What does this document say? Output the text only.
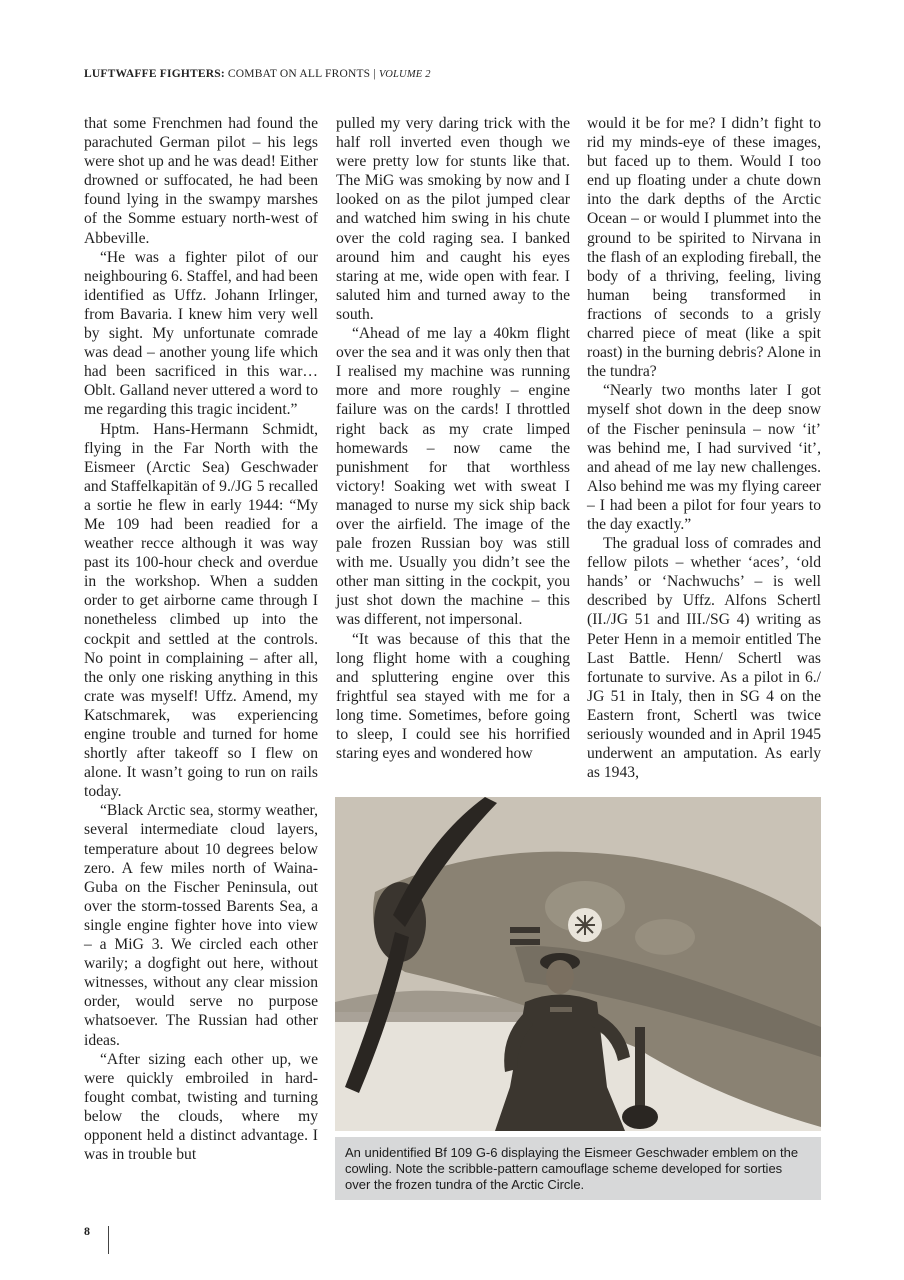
LUFTWAFFE FIGHTERS: COMBAT ON ALL FRONTS | VOLUME 2

that some Frenchmen had found the parachuted German pilot – his legs were shot up and he was dead! Either drowned or suffocated, he had been found lying in the swampy marshes of the Somme estuary north-west of Abbeville.

“He was a fighter pilot of our neighbouring 6. Staffel, and had been identified as Uffz. Johann Irlinger, from Bavaria. I knew him very well by sight. My unfortunate comrade was dead – another young life which had been sacrificed in this war… Oblt. Galland never uttered a word to me regarding this tragic incident.”

Hptm. Hans-Hermann Schmidt, flying in the Far North with the Eismeer (Arctic Sea) Geschwader and Staffelkapitän of 9./JG 5 recalled a sortie he flew in early 1944: “My Me 109 had been readied for a weather recce although it was way past its 100-hour check and overdue in the workshop. When a sudden order to get airborne came through I nonetheless climbed up into the cockpit and settled at the controls. No point in complaining – after all, the only one risking anything in this crate was myself! Uffz. Amend, my Katschmarek, was experiencing engine trouble and turned for home shortly after takeoff so I flew on alone. It wasn’t going to run on rails today.

“Black Arctic sea, stormy weather, several intermediate cloud layers, temperature about 10 degrees below zero. A few miles north of Waina-Guba on the Fischer Peninsula, out over the storm-tossed Barents Sea, a single engine fighter hove into view – a MiG 3. We circled each other warily; a dogfight out here, without witnesses, without any clear mission order, would serve no purpose whatsoever. The Russian had other ideas.

“After sizing each other up, we were quickly embroiled in hard-fought combat, twisting and turning below the clouds, where my opponent held a distinct advantage. I was in trouble but

pulled my very daring trick with the half roll inverted even though we were pretty low for stunts like that. The MiG was smoking by now and I looked on as the pilot jumped clear and watched him swing in his chute over the cold raging sea. I banked around him and caught his eyes staring at me, wide open with fear. I saluted him and turned away to the south.

“Ahead of me lay a 40km flight over the sea and it was only then that I realised my machine was running more and more roughly – engine failure was on the cards! I throttled right back as my crate limped homewards – now came the punishment for that worthless victory! Soaking wet with sweat I managed to nurse my sick ship back over the airfield. The image of the pale frozen Russian boy was still with me. Usually you didn’t see the other man sitting in the cockpit, you just shot down the machine – this was different, not impersonal.

“It was because of this that the long flight home with a coughing and spluttering engine over this frightful sea stayed with me for a long time. Sometimes, before going to sleep, I could see his horrified staring eyes and wondered how

would it be for me? I didn’t fight to rid my minds-eye of these images, but faced up to them. Would I too end up floating under a chute down into the dark depths of the Arctic Ocean – or would I plummet into the ground to be spirited to Nirvana in the flash of an exploding fireball, the body of a thriving, feeling, living human being transformed in fractions of seconds to a grisly charred piece of meat (like a spit roast) in the burning debris? Alone in the tundra?

“Nearly two months later I got myself shot down in the deep snow of the Fischer peninsula – now ‘it’ was behind me, I had survived ‘it’, and ahead of me lay new challenges. Also behind me was my flying career – I had been a pilot for four years to the day exactly.”

The gradual loss of comrades and fellow pilots – whether ‘aces’, ‘old hands’ or ‘Nachwuchs’ – is well described by Uffz. Alfons Schertl (II./JG 51 and III./SG 4) writing as Peter Henn in a memoir entitled The Last Battle. Henn/ Schertl was fortunate to survive. As a pilot in 6./ JG 51 in Italy, then in SG 4 on the Eastern front, Schertl was twice seriously wounded and in April 1945 underwent an amputation. As early as 1943,

An unidentified Bf 109 G-6 displaying the Eismeer Geschwader emblem on the cowling. Note the scribble-pattern camouflage scheme developed for sorties over the frozen tundra of the Arctic Circle.
8
